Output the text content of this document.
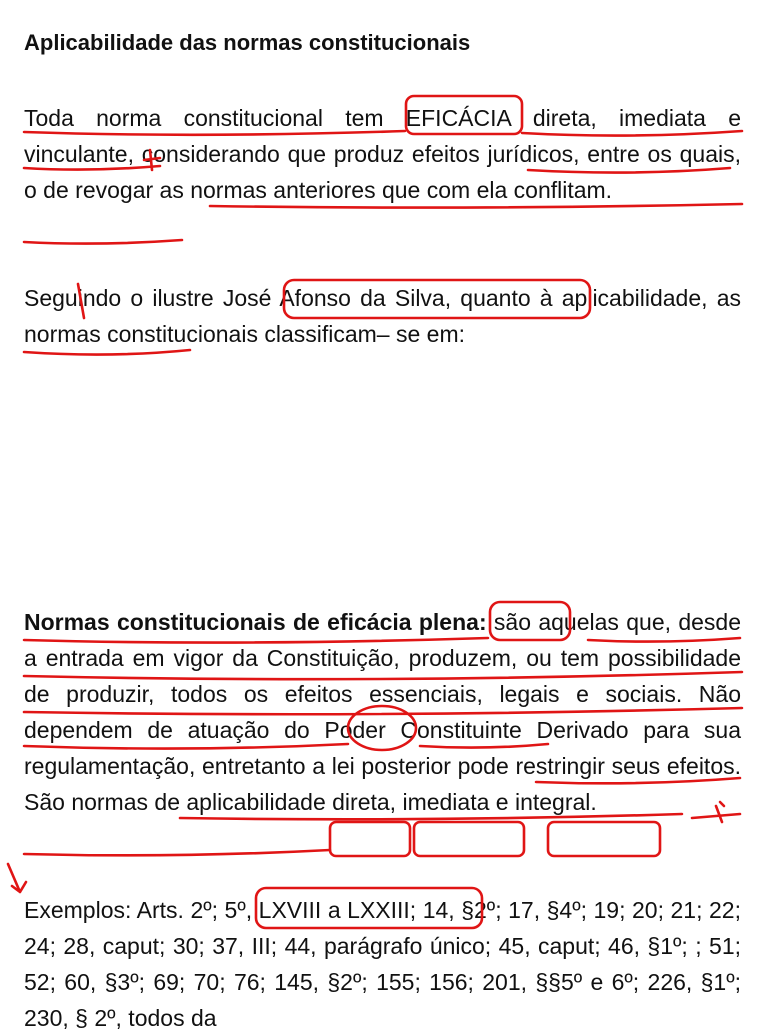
Aplicabilidade das normas constitucionais

Toda norma constitucional tem EFICÁCIA direta, imediata e vinculante, considerando que produz efeitos jurídicos, entre os quais, o de revogar as normas anteriores que com ela conflitam.

Seguindo o ilustre José Afonso da Silva, quanto à aplicabilidade, as normas constitucionais classificam– se em:

Normas constitucionais de eficácia plena: são aquelas que, desde a entrada em vigor da Constituição, produzem, ou tem possibilidade de produzir, todos os efeitos essenciais, legais e sociais. Não dependem de atuação do Poder Constituinte Derivado para sua regulamentação, entretanto a lei posterior pode restringir seus efeitos. São normas de aplicabilidade direta, imediata e integral.

Exemplos: Arts. 2º; 5º, LXVIII a LXXIII; 14, §2º; 17, §4º; 19; 20; 21; 22; 24; 28, caput; 30; 37, III; 44, parágrafo único; 45, caput; 46, §1º; ; 51; 52; 60, §3º; 69; 70; 76; 145, §2º; 155; 156; 201, §§5º e 6º; 226, §1º; 230, § 2º, todos da
